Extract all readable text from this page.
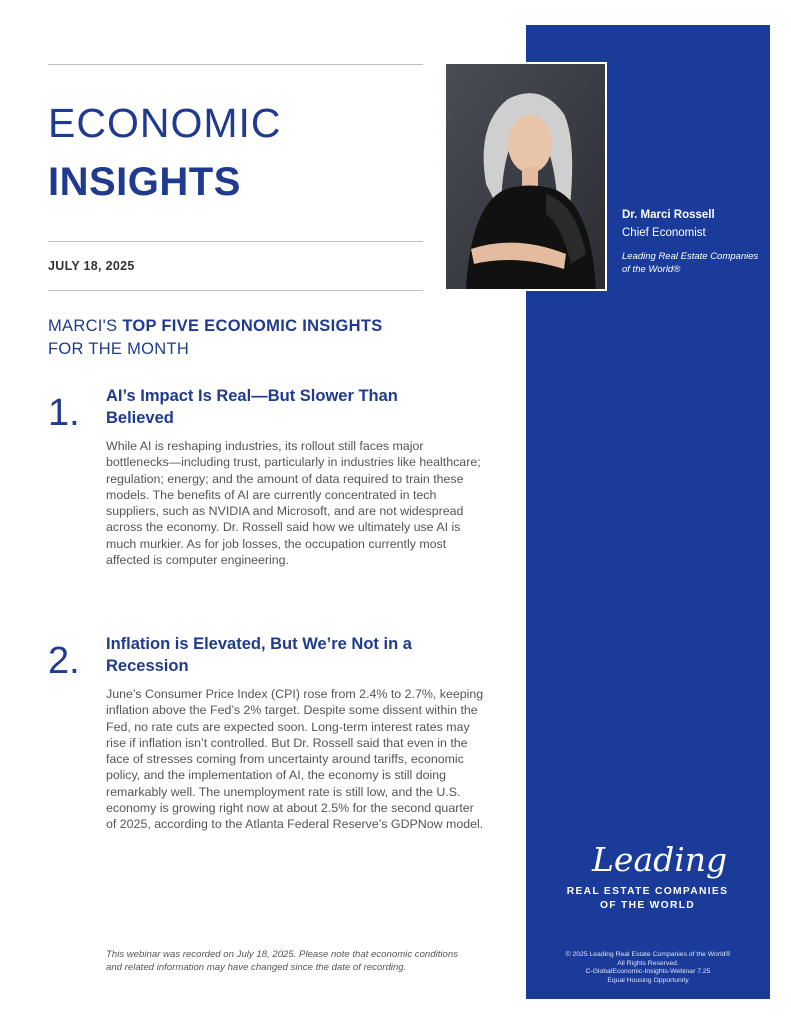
ECONOMIC
INSIGHTS
JULY 18, 2025
MARCI'S TOP FIVE ECONOMIC INSIGHTS
FOR THE MONTH
1. AI’s Impact Is Real—But Slower Than Believed
While AI is reshaping industries, its rollout still faces major bottlenecks—including trust, particularly in industries like healthcare; regulation; energy; and the amount of data required to train these models. The benefits of AI are currently concentrated in tech suppliers, such as NVIDIA and Microsoft, and are not widespread across the economy. Dr. Rossell said how we ultimately use AI is much murkier. As for job losses, the occupation currently most affected is computer engineering.
2. Inflation is Elevated, But We’re Not in a Recession
June’s Consumer Price Index (CPI) rose from 2.4% to 2.7%, keeping inflation above the Fed’s 2% target. Despite some dissent within the Fed, no rate cuts are expected soon. Long-term interest rates may rise if inflation isn’t controlled. But Dr. Rossell said that even in the face of stresses coming from uncertainty around tariffs, economic policy, and the implementation of AI, the economy is still doing remarkably well. The unemployment rate is still low, and the U.S. economy is growing right now at about 2.5% for the second quarter of 2025, according to the Atlanta Federal Reserve’s GDPNow model.
This webinar was recorded on July 18, 2025. Please note that economic conditions and related information may have changed since the date of recording.
Dr. Marci Rossell
Chief Economist
Leading Real Estate Companies of the World®
Leading
REAL ESTATE COMPANIES
OF THE WORLD
© 2025 Leading Real Estate Companies of the World®
All Rights Reserved.
C-GlobalEconomic-Insights-Webinar 7.25
Equal Housing Opportunity
